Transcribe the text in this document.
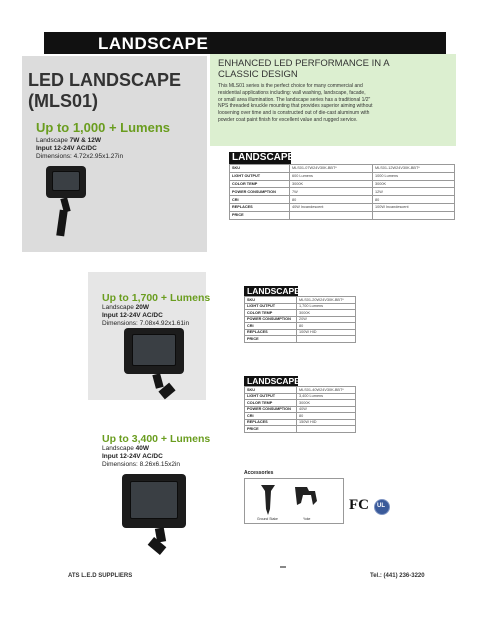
LANDSCAPE
LED LANDSCAPE
(MLS01)
ENHANCED LED PERFORMANCE IN A
CLASSIC DESIGN
This MLS01 series is the perfect choice for many commercial and
residential applications including: wall washing, landscape, facade,
or small area illumination. The landscape series has a traditional 1/2"
NPS threaded knuckle mounting that provides superior aiming without
loosening over time and is constructed out of die-cast aluminum with
powder coat paint finish for excellent value and rugged service.
Up to 1,000 + Lumens
Landscape 7W & 12W
Input 12-24V AC/DC
Dimensions: 4.72x2.95x1.27in	LANDSCAPE
SKU	MLS01-07W24V30K-BBT*	MLS01-12W24V30K-BBT*
LIGHT OUTPUT	600 Lumens	1000 Lumens
COLOR TEMP	3000K	3000K
POWER CONSUMPTION	7W	12W
CRI	80	80
REPLACES	40W Incandescent	100W Incandescent
PRICE		
Up to 1,700 + Lumens
Landscape 20W
Input 12-24V AC/DC
Dimensions: 7.08x4.92x1.61in
LANDSCAPE
SKU	MLS01-20W24V30K-BBT*
LIGHT OUTPUT	1,700 Lumens
COLOR TEMP	3000K
POWER CONSUMPTION	20W
CRI	80
REPLACES	100W HID
PRICE	
LANDSCAPE
SKU	MLS01-40W24V30K-BBT*
LIGHT OUTPUT	3,400 Lumens
COLOR TEMP	3000K
POWER CONSUMPTION	40W
CRI	80
REPLACES	150W HID
PRICE	
Up to 3,400 + Lumens
Landscape 40W
Input 12-24V AC/DC
Dimensions: 8.26x6.15x2in
Accessories
Ground Stake	Yoke
FC UL
ATS L.E.D SUPPLIERS	Tel.: (441) 236-3220
